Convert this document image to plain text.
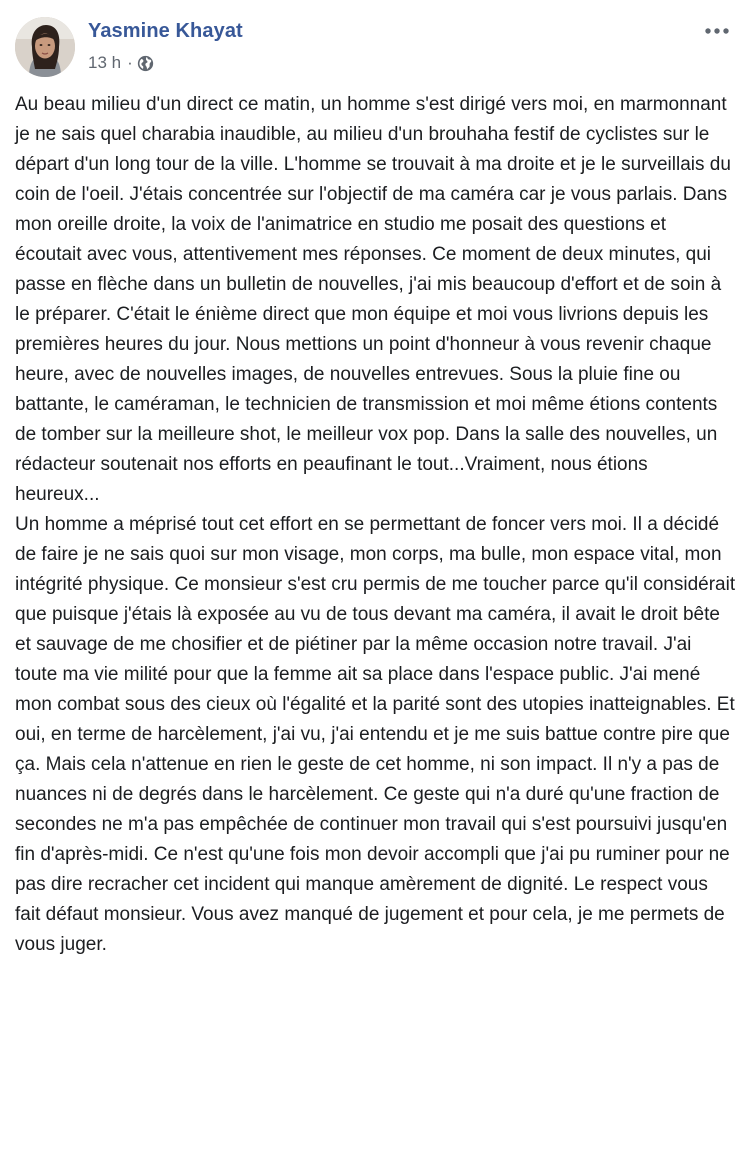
Yasmine Khayat
13 h ·

Au beau milieu d'un direct ce matin, un homme s'est dirigé vers moi, en marmonnant je ne sais quel charabia inaudible, au milieu d'un brouhaha festif de cyclistes sur le départ d'un long tour de la ville. L'homme se trouvait à ma droite et je le surveillais du coin de l'oeil. J'étais concentrée sur l'objectif de ma caméra car je vous parlais. Dans mon oreille droite, la voix de l'animatrice en studio me posait des questions et écoutait avec vous, attentivement mes réponses. Ce moment de deux minutes, qui passe en flèche dans un bulletin de nouvelles, j'ai mis beaucoup d'effort et de soin à le préparer. C'était le énième direct que mon équipe et moi vous livrions depuis les premières heures du jour. Nous mettions un point d'honneur à vous revenir chaque heure, avec de nouvelles images, de nouvelles entrevues. Sous la pluie fine ou battante, le caméraman, le technicien de transmission et moi même étions contents de tomber sur la meilleure shot, le meilleur vox pop. Dans la salle des nouvelles, un rédacteur soutenait nos efforts en peaufinant le tout...Vraiment, nous étions heureux...

Un homme a méprisé tout cet effort en se permettant de foncer vers moi. Il a décidé de faire je ne sais quoi sur mon visage, mon corps, ma bulle, mon espace vital, mon intégrité physique. Ce monsieur s'est cru permis de me toucher parce qu'il considérait que puisque j'étais là exposée au vu de tous devant ma caméra, il avait le droit bête et sauvage de me chosifier et de piétiner par la même occasion notre travail. J'ai toute ma vie milité pour que la femme ait sa place dans l'espace public. J'ai mené mon combat sous des cieux où l'égalité et la parité sont des utopies inatteignables. Et oui, en terme de harcèlement, j'ai vu, j'ai entendu et je me suis battue contre pire que ça. Mais cela n'attenue en rien le geste de cet homme, ni son impact. Il n'y a pas de nuances ni de degrés dans le harcèlement. Ce geste qui n'a duré qu'une fraction de secondes ne m'a pas empêchée de continuer mon travail qui s'est poursuivi jusqu'en fin d'après-midi. Ce n'est qu'une fois mon devoir accompli que j'ai pu ruminer pour ne pas dire recracher cet incident qui manque amèrement de dignité. Le respect vous fait défaut monsieur. Vous avez manqué de jugement et pour cela, je me permets de vous juger.
